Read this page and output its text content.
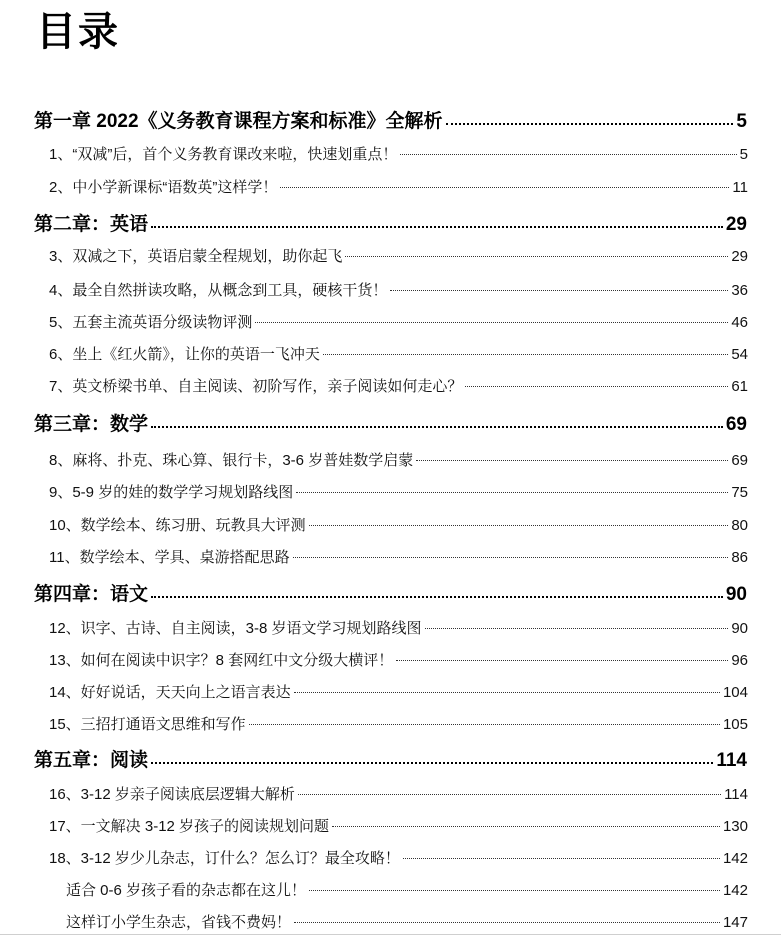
目录
第一章 2022《义务教育课程方案和标准》全解析	5
1、“双减”后，首个义务教育课改来啦，快速划重点！	5
2、中小学新课标“语数英”这样学！	11
第二章：英语	29
3、双减之下，英语启蒙全程规划，助你起飞	29
4、最全自然拼读攻略，从概念到工具，硬核干货！	36
5、五套主流英语分级读物评测	46
6、坐上《红火箭》，让你的英语一飞冲天	54
7、英文桥梁书单、自主阅读、初阶写作，亲子阅读如何走心？	61
第三章：数学	69
8、麻将、扑克、珠心算、银行卡，3-6 岁普娃数学启蒙	69
9、5-9 岁的娃的数学学习规划路线图	75
10、数学绘本、练习册、玩教具大评测	80
11、数学绘本、学具、桌游搭配思路	86
第四章：语文	90
12、识字、古诗、自主阅读，3-8 岁语文学习规划路线图	90
13、如何在阅读中识字？8 套网红中文分级大横评！	96
14、好好说话，天天向上之语言表达	104
15、三招打通语文思维和写作	105
第五章：阅读	114
16、3-12 岁亲子阅读底层逻辑大解析	114
17、一文解决 3-12 岁孩子的阅读规划问题	130
18、3-12 岁少儿杂志，订什么？怎么订？最全攻略！	142
适合 0-6 岁孩子看的杂志都在这儿！	142
这样订小学生杂志，省钱不费妈！	147
